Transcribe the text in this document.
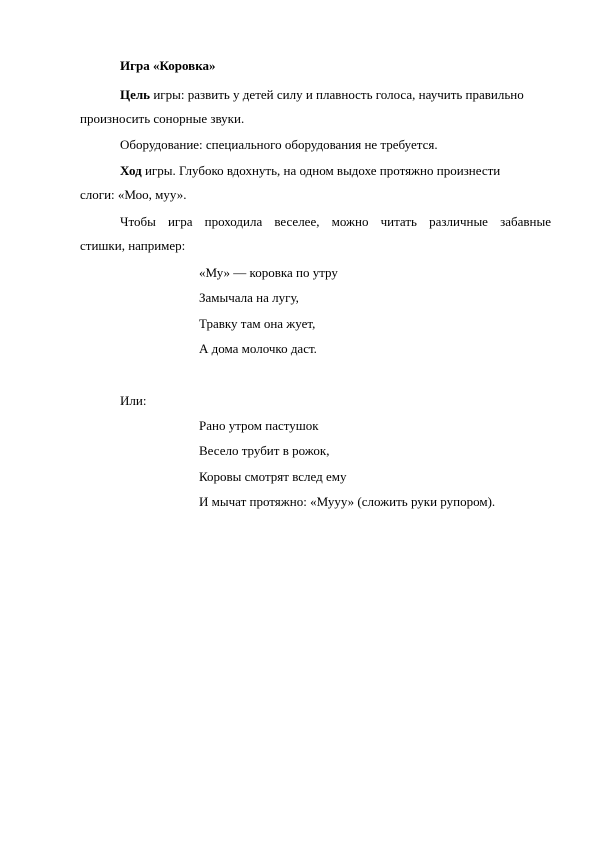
Игра «Коровка»
Цель игры: развить у детей силу и плавность голоса, научить правильно
произносить сонорные звуки.
Оборудование: специального оборудования не требуется.
Ход игры. Глубоко вдохнуть, на одном выдохе протяжно произнести
слоги: «Моо, муу».
Чтобы игра проходила веселее, можно читать различные забавные
стишки, например:
«Му» — коровка по утру
Замычала на лугу,
Травку там она жует,
А дома молочко даст.
Или:
Рано утром пастушок
Весело трубит в рожок,
Коровы смотрят вслед ему
И мычат протяжно: «Мууу» (сложить руки рупором).
